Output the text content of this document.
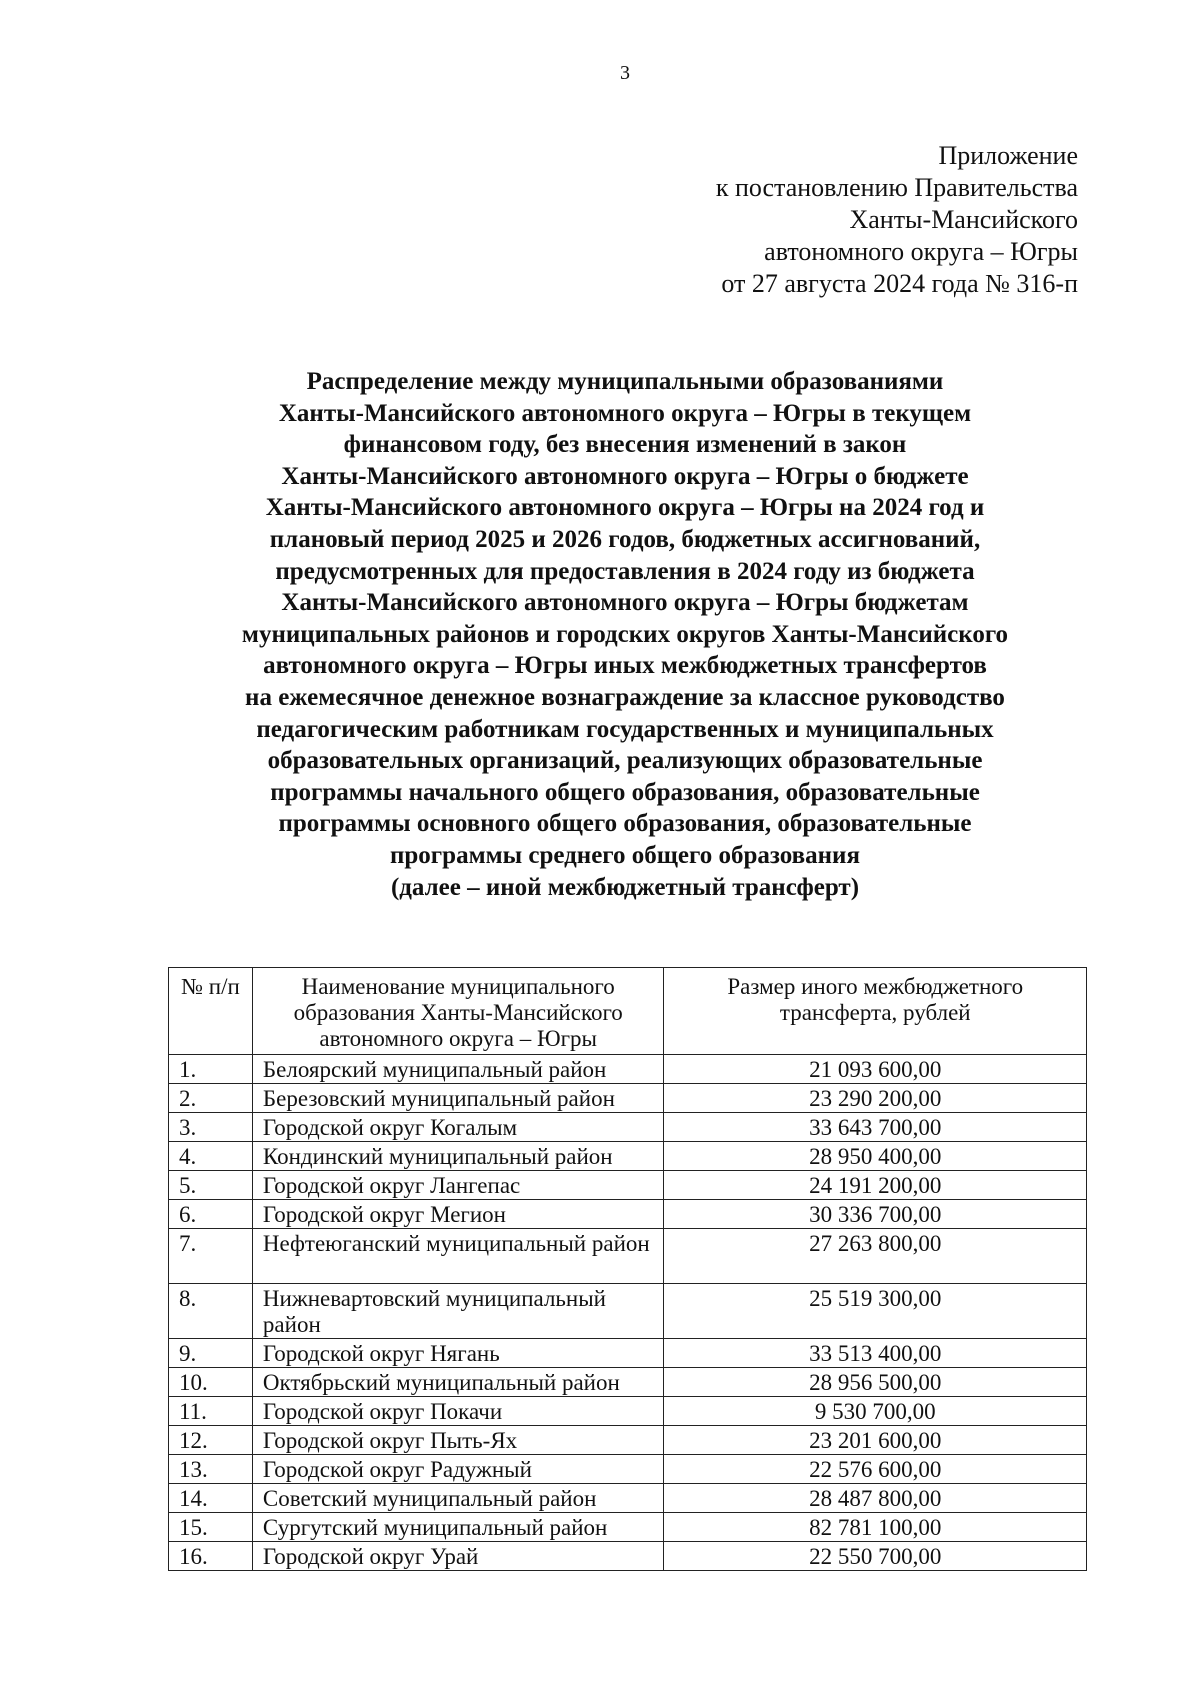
3
Приложение
к постановлению Правительства
Ханты-Мансийского
автономного округа – Югры
от 27 августа 2024 года № 316-п
Распределение между муниципальными образованиями
Ханты-Мансийского автономного округа – Югры в текущем
финансовом году, без внесения изменений в закон
Ханты-Мансийского автономного округа – Югры о бюджете
Ханты-Мансийского автономного округа – Югры на 2024 год и
плановый период 2025 и 2026 годов, бюджетных ассигнований,
предусмотренных для предоставления в 2024 году из бюджета
Ханты-Мансийского автономного округа – Югры бюджетам
муниципальных районов и городских округов Ханты-Мансийского
автономного округа – Югры иных межбюджетных трансфертов
на ежемесячное денежное вознаграждение за классное руководство
педагогическим работникам государственных и муниципальных
образовательных организаций, реализующих образовательные
программы начального общего образования, образовательные
программы основного общего образования, образовательные
программы среднего общего образования
(далее – иной межбюджетный трансферт)
№ п/п	Наименование муниципального образования Ханты-Мансийского автономного округа – Югры	Размер иного межбюджетного трансферта, рублей
1.	Белоярский муниципальный район	21 093 600,00
2.	Березовский муниципальный район	23 290 200,00
3.	Городской округ Когалым	33 643 700,00
4.	Кондинский муниципальный район	28 950 400,00
5.	Городской округ Лангепас	24 191 200,00
6.	Городской округ Мегион	30 336 700,00
7.	Нефтеюганский муниципальный район	27 263 800,00
8.	Нижневартовский муниципальный район	25 519 300,00
9.	Городской округ Нягань	33 513 400,00
10.	Октябрьский муниципальный район	28 956 500,00
11.	Городской округ Покачи	9 530 700,00
12.	Городской округ Пыть-Ях	23 201 600,00
13.	Городской округ Радужный	22 576 600,00
14.	Советский муниципальный район	28 487 800,00
15.	Сургутский муниципальный район	82 781 100,00
16.	Городской округ Урай	22 550 700,00
